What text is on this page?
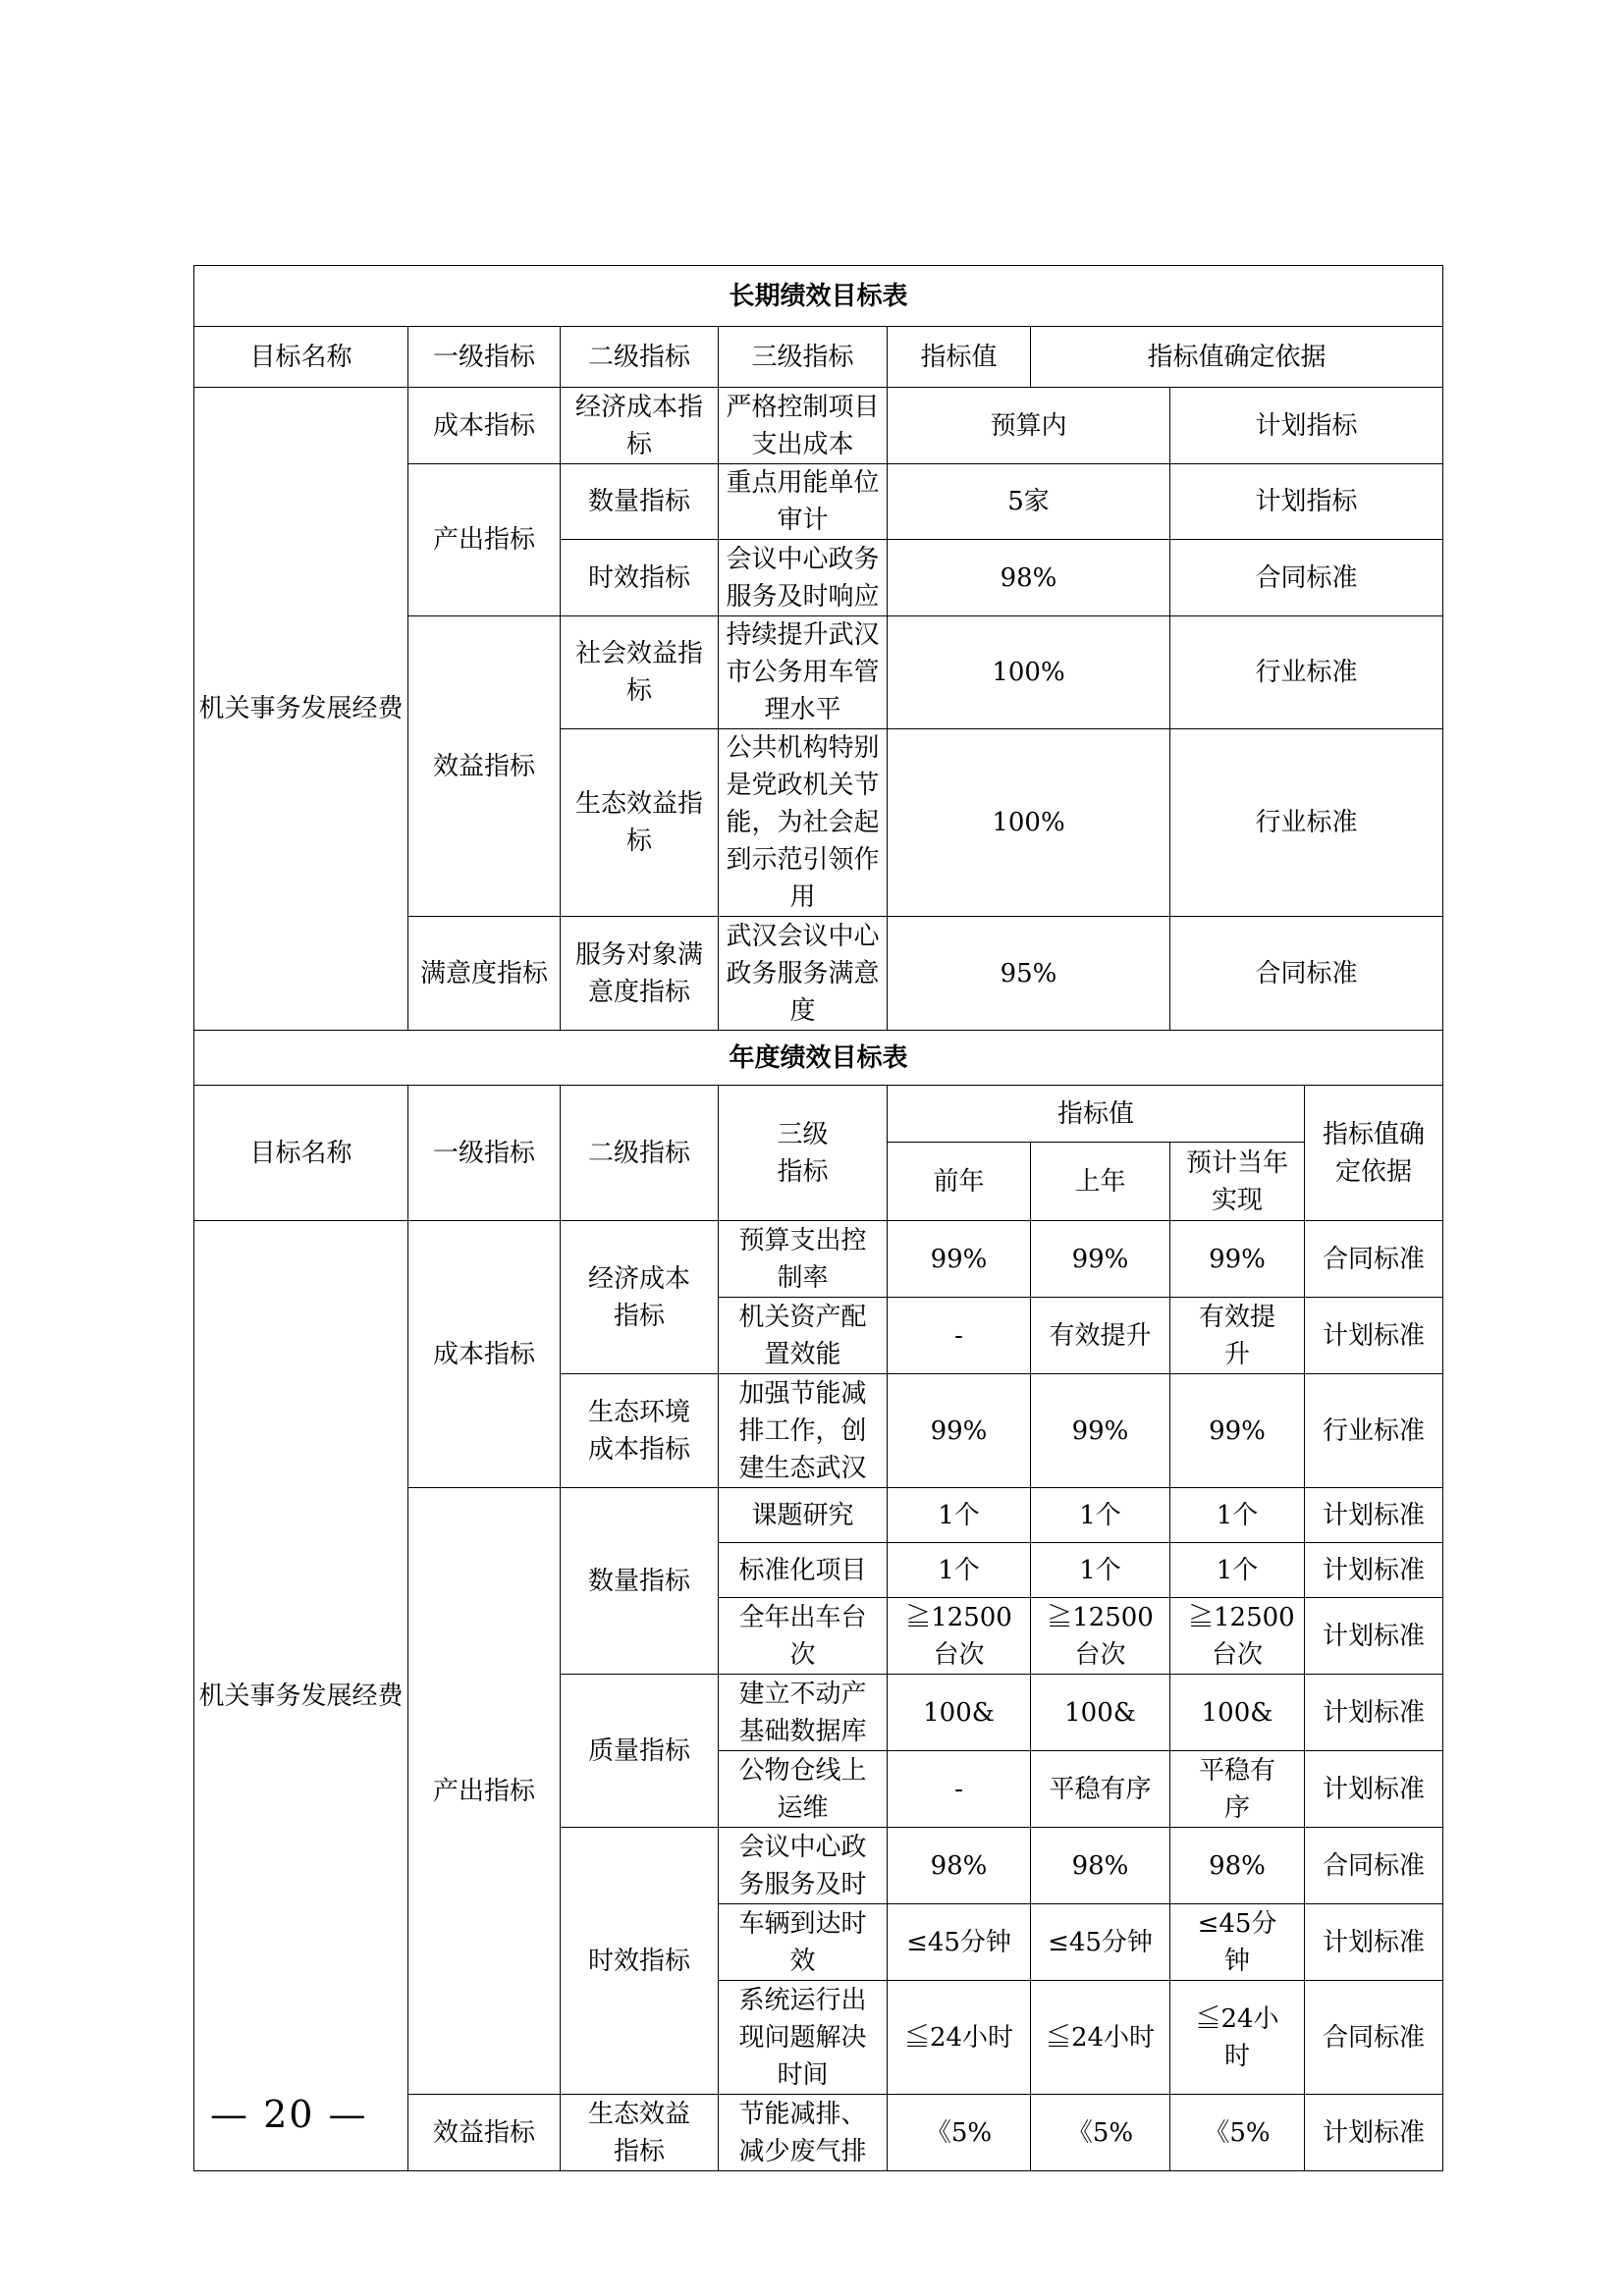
长期绩效目标表							
目标名称	一级指标	二级指标	三级指标	指标值	指标值确定依据		
机关事务发展经费	成本指标	经济成本指标	严格控制项目支出成本	预算内		计划指标	
	产出指标	数量指标	重点用能单位审计	5家		计划指标	
		时效指标	会议中心政务服务及时响应	98%		合同标准	
	效益指标	社会效益指标	持续提升武汉市公务用车管理水平	100%		行业标准	
		生态效益指标	公共机构特别是党政机关节能，为社会起到示范引领作用	100%		行业标准	
	满意度指标	服务对象满意度指标	武汉会议中心政务服务满意度	95%		合同标准	
年度绩效目标表							
目标名称	一级指标	二级指标	三级指标	指标值			指标值确定依据
				前年	上年	预计当年实现	
机关事务发展经费	成本指标	经济成本指标	预算支出控制率	99%	99%	99%	合同标准
			机关资产配置效能	-	有效提升	有效提升	计划标准
		生态环境成本指标	加强节能减排工作，创建生态武汉	99%	99%	99%	行业标准
	产出指标	数量指标	课题研究	1个	1个	1个	计划标准
			标准化项目	1个	1个	1个	计划标准
			全年出车台次	≧12500台次	≧12500台次	≧12500台次	计划标准
		质量指标	建立不动产基础数据库	100&	100&	100&	计划标准
			公物仓线上运维	-	平稳有序	平稳有序	计划标准
		时效指标	会议中心政务服务及时	98%	98%	98%	合同标准
			车辆到达时效	≤45分钟	≤45分钟	≤45分钟	计划标准
			系统运行出现问题解决时间	≦24小时	≦24小时	≦24小时	合同标准
	效益指标	生态效益指标	节能减排、减少废气排	《5%	《5%	《5%	计划标准
— 20 —
